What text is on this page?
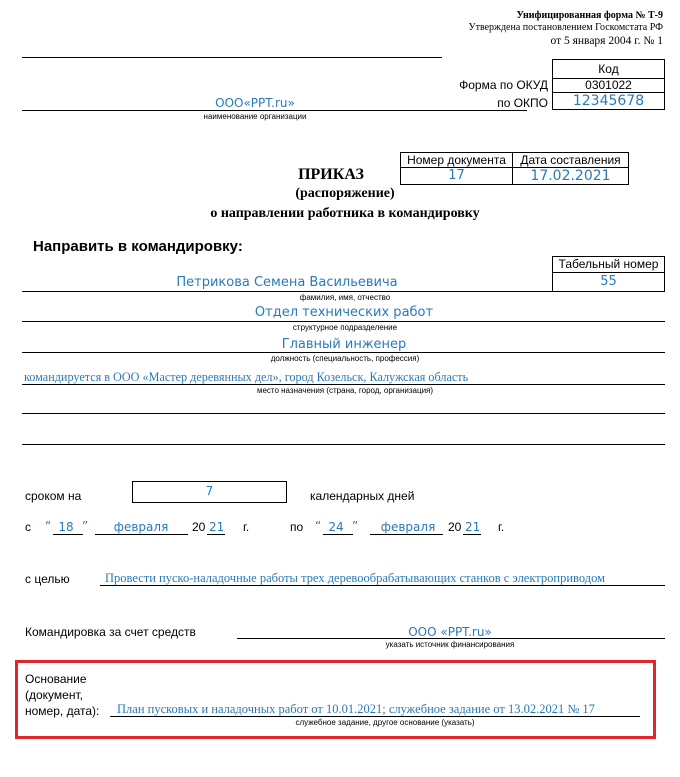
Унифицированная форма № Т-9
Утверждена постановлением Госкомстата РФ
от 5 января 2004 г. № 1
Код
0301022
12345678
Форма по ОКУД
по ОКПО
ООО«PPT.ru»
наименование организации
Номер документа	Дата составления
17	17.02.2021
ПРИКАЗ
(распоряжение)
о направлении работника в командировку
Направить в командировку:
Табельный номер
55
Петрикова Семена Васильевича
фамилия, имя, отчество
Отдел технических работ
структурное подразделение
Главный инженер
должность (специальность, профессия)
командируется в ООО «Мастер деревянных дел», город Козельск, Калужская область
место назначения (страна, город, организация)
сроком на	7	календарных дней
с “ 18 ” февраля 20 21 г.	по “ 24 ” февраля 20 21 г.
с целью	Провести пуско-наладочные работы трех деревообрабатывающих станков с электроприводом
Командировка за счет средств	ООО «PPT.ru»
указать источник финансирования
Основание
(документ,
номер, дата): План пусковых и наладочных работ от 10.01.2021; служебное задание от 13.02.2021 № 17
служебное задание, другое основание (указать)
